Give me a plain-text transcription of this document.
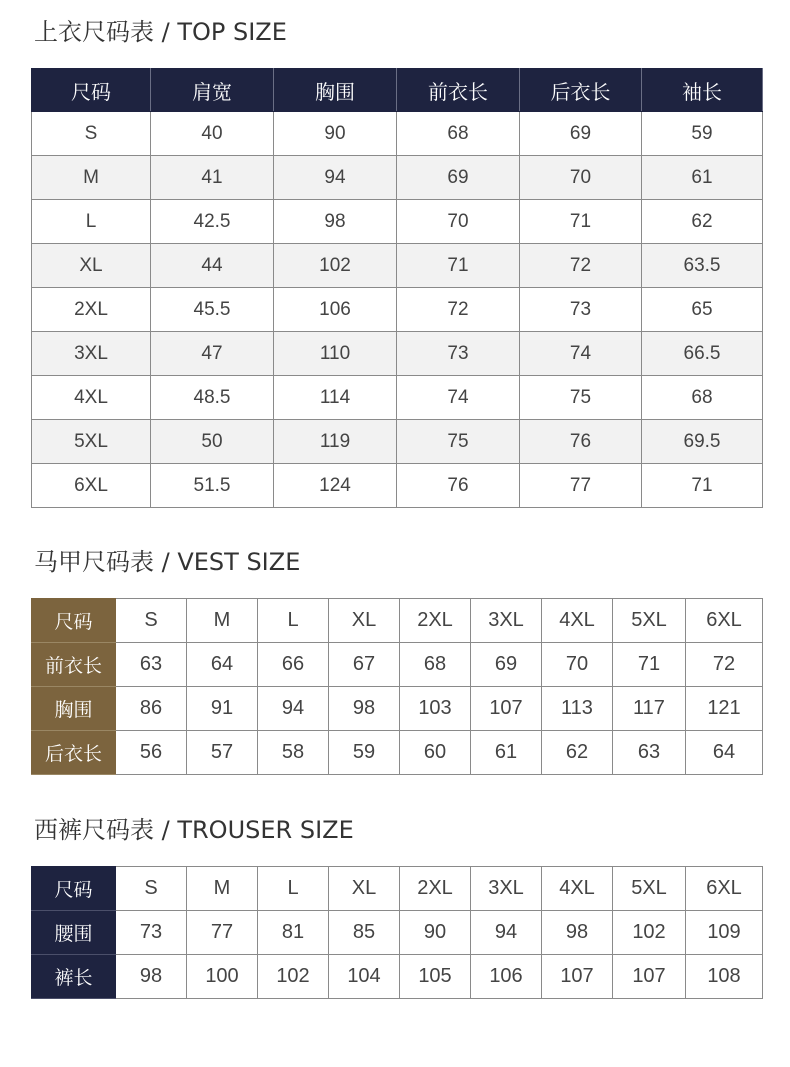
上衣尺码表 / TOP SIZE
尺码	肩宽	胸围	前衣长	后衣长	袖长
S	40	90	68	69	59
M	41	94	69	70	61
L	42.5	98	70	71	62
XL	44	102	71	72	63.5
2XL	45.5	106	72	73	65
3XL	47	110	73	74	66.5
4XL	48.5	114	74	75	68
5XL	50	119	75	76	69.5
6XL	51.5	124	76	77	71
马甲尺码表 / VEST SIZE
尺码	S	M	L	XL	2XL	3XL	4XL	5XL	6XL
前衣长	63	64	66	67	68	69	70	71	72
胸围	86	91	94	98	103	107	113	117	121
后衣长	56	57	58	59	60	61	62	63	64
西裤尺码表 / TROUSER SIZE
尺码	S	M	L	XL	2XL	3XL	4XL	5XL	6XL
腰围	73	77	81	85	90	94	98	102	109
裤长	98	100	102	104	105	106	107	107	108
